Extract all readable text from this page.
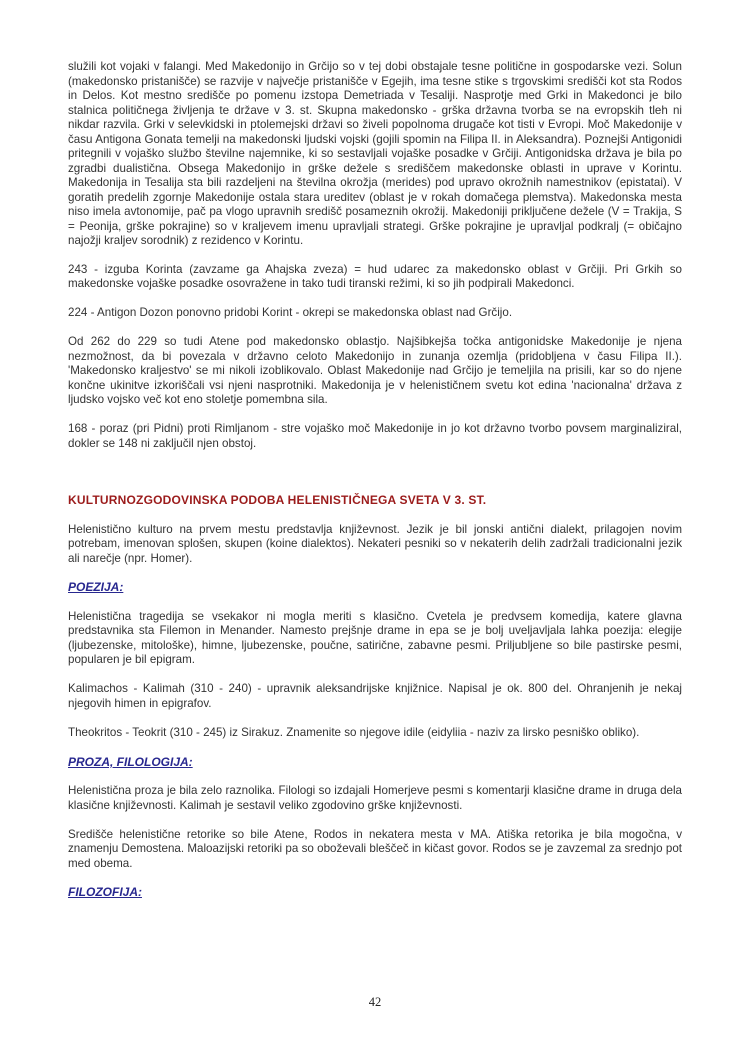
služili kot vojaki v falangi. Med Makedonijo in Grčijo so v tej dobi obstajale tesne politične in gospodarske vezi. Solun (makedonsko pristanišče) se razvije v največje pristanišče v Egejih, ima tesne stike s trgovskimi središči kot sta Rodos in Delos. Kot mestno središče po pomenu izstopa Demetriada v Tesaliji. Nasprotje med Grki in Makedonci je bilo stalnica političnega življenja te države v 3. st. Skupna makedonsko - grška državna tvorba se na evropskih tleh ni nikdar razvila. Grki v selevkidski in ptolemejski državi so živeli popolnoma drugače kot tisti v Evropi. Moč Makedonije v času Antigona Gonata temelji na makedonski ljudski vojski (gojili spomin na Filipa II. in Aleksandra). Poznejši Antigonidi pritegnili v vojaško službo številne najemnike, ki so sestavljali vojaške posadke v Grčiji. Antigonidska država je bila po zgradbi dualistična. Obsega Makedonijo in grške dežele s središčem makedonske oblasti in uprave v Korintu. Makedonija in Tesalija sta bili razdeljeni na številna okrožja (merides) pod upravo okrožnih namestnikov (epistatai). V goratih predelih zgornje Makedonije ostala stara ureditev (oblast je v rokah domačega plemstva). Makedonska mesta niso imela avtonomije, pač pa vlogo upravnih središč posameznih okrožij. Makedoniji priključene dežele (V = Trakija, S = Peonija, grške pokrajine) so v kraljevem imenu upravljali strategi. Grške pokrajine je upravljal podkralj (= običajno najožji kraljev sorodnik) z rezidenco v Korintu.

243 - izguba Korinta (zavzame ga Ahajska zveza) = hud udarec za makedonsko oblast v Grčiji. Pri Grkih so makedonske vojaške posadke osovražene in tako tudi tiranski režimi, ki so jih podpirali Makedonci.

224 - Antigon Dozon ponovno pridobi Korint - okrepi se makedonska oblast nad Grčijo.

Od 262 do 229 so tudi Atene pod makedonsko oblastjo. Najšibkejša točka antigonidske Makedonije je njena nezmožnost, da bi povezala v državno celoto Makedonijo in zunanja ozemlja (pridobljena v času Filipa II.). 'Makedonsko kraljestvo' se mi nikoli izoblikovalo. Oblast Makedonije nad Grčijo je temeljila na prisili, kar so do njene končne ukinitve izkoriščali vsi njeni nasprotniki. Makedonija je v helenističnem svetu kot edina 'nacionalna' država z ljudsko vojsko več kot eno stoletje pomembna sila.

168 - poraz (pri Pidni) proti Rimljanom - stre vojaško moč Makedonije in jo kot državno tvorbo povsem marginaliziral, dokler se 148 ni zaključil njen obstoj.

KULTURNOZGODOVINSKA PODOBA HELENISTIČNEGA SVETA V 3. ST.

Helenistično kulturo na prvem mestu predstavlja književnost. Jezik je bil jonski antični dialekt, prilagojen novim potrebam, imenovan splošen, skupen (koine dialektos). Nekateri pesniki so v nekaterih delih zadržali tradicionalni jezik ali narečje (npr. Homer).

POEZIJA:

Helenistična tragedija se vsekakor ni mogla meriti s klasično. Cvetela je predvsem komedija, katere glavna predstavnika sta Filemon in Menander. Namesto prejšnje drame in epa se je bolj uveljavljala lahka poezija: elegije (ljubezenske, mitološke), himne, ljubezenske, poučne, satirične, zabavne pesmi. Priljubljene so bile pastirske pesmi, popularen je bil epigram.

Kalimachos - Kalimah (310 - 240) - upravnik aleksandrijske knjižnice. Napisal je ok. 800 del. Ohranjenih je nekaj njegovih himen in epigrafov.

Theokritos - Teokrit (310 - 245) iz Sirakuz. Znamenite so njegove idile (eidyliia - naziv za lirsko pesniško obliko).

PROZA, FILOLOGIJA:

Helenistična proza je bila zelo raznolika. Filologi so izdajali Homerjeve pesmi s komentarji klasične drame in druga dela klasične književnosti. Kalimah je sestavil veliko zgodovino grške književnosti.

Središče helenistične retorike so bile Atene, Rodos in nekatera mesta v MA. Atiška retorika je bila mogočna, v znamenju Demostena. Maloazijski retoriki pa so oboževali bleščeč in kičast govor. Rodos se je zavzemal za srednjo pot med obema.

FILOZOFIJA:
42
